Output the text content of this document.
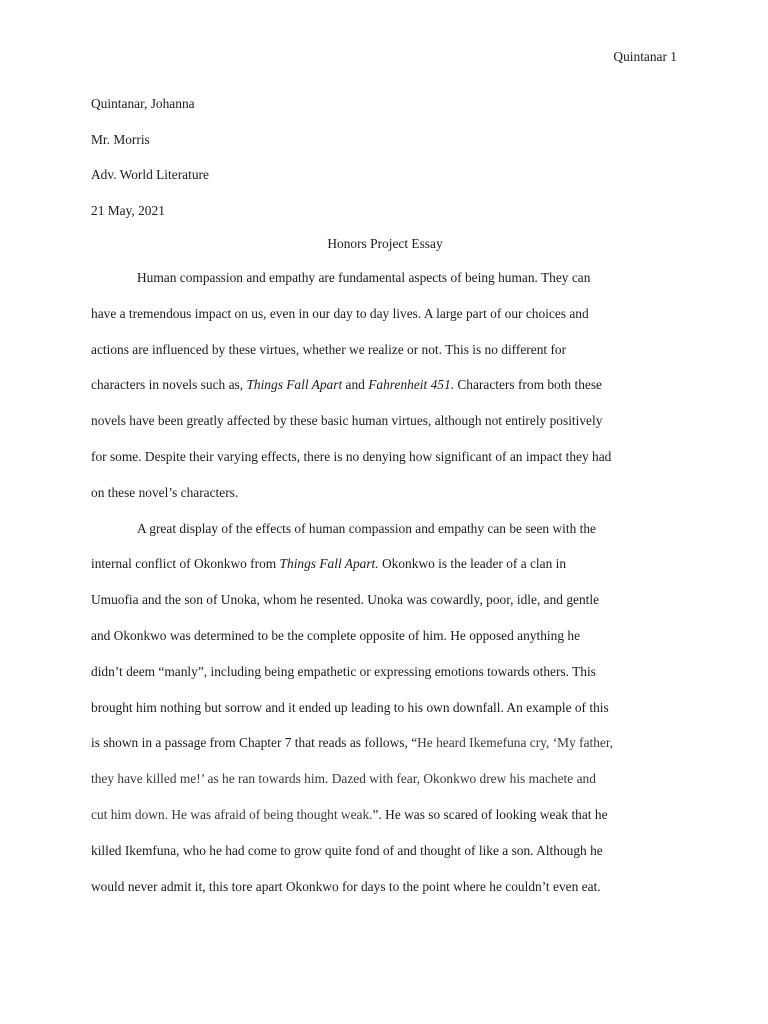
Quintanar 1
Quintanar, Johanna
Mr. Morris
Adv. World Literature
21 May, 2021
Honors Project Essay
Human compassion and empathy are fundamental aspects of being human. They can
have a tremendous impact on us, even in our day to day lives. A large part of our choices and
actions are influenced by these virtues, whether we realize or not. This is no different for
characters in novels such as, Things Fall Apart and Fahrenheit 451. Characters from both these
novels have been greatly affected by these basic human virtues, although not entirely positively
for some. Despite their varying effects, there is no denying how significant of an impact they had
on these novel’s characters.
A great display of the effects of human compassion and empathy can be seen with the
internal conflict of Okonkwo from Things Fall Apart. Okonkwo is the leader of a clan in
Umuofia and the son of Unoka, whom he resented. Unoka was cowardly, poor, idle, and gentle
and Okonkwo was determined to be the complete opposite of him. He opposed anything he
didn’t deem “manly”, including being empathetic or expressing emotions towards others. This
brought him nothing but sorrow and it ended up leading to his own downfall. An example of this
is shown in a passage from Chapter 7 that reads as follows, “He heard Ikemefuna cry, ‘My father,
they have killed me!’ as he ran towards him. Dazed with fear, Okonkwo drew his machete and
cut him down. He was afraid of being thought weak.”. He was so scared of looking weak that he
killed Ikemfuna, who he had come to grow quite fond of and thought of like a son. Although he
would never admit it, this tore apart Okonkwo for days to the point where he couldn’t even eat.
